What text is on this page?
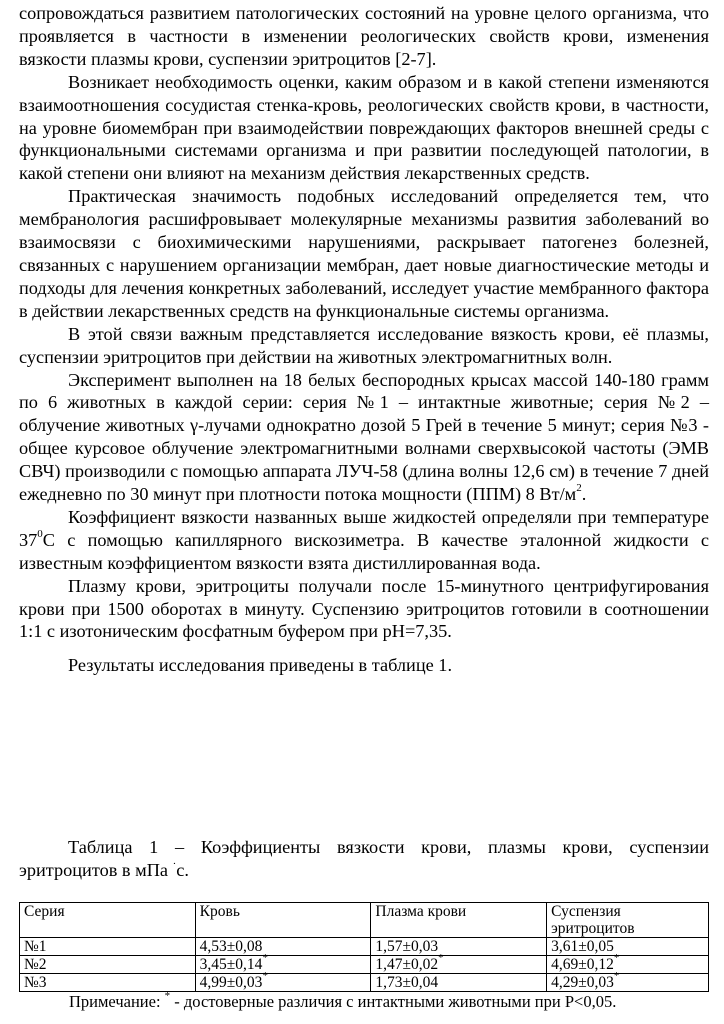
сопровождаться развитием патологических состояний на уровне целого организма, что проявляется в частности в изменении реологических свойств крови, изменения вязкости плазмы крови, суспензии эритроцитов [2-7].

Возникает необходимость оценки, каким образом и в какой степени изменяются взаимоотношения сосудистая стенка-кровь, реологических свойств крови, в частности, на уровне биомембран при взаимодействии повреждающих факторов внешней среды с функциональными системами организма и при развитии последующей патологии, в какой степени они влияют на механизм действия лекарственных средств.

Практическая значимость подобных исследований определяется тем, что мембранология расшифровывает молекулярные механизмы развития заболеваний во взаимосвязи с биохимическими нарушениями, раскрывает патогенез болезней, связанных с нарушением организации мембран, дает новые диагностические методы и подходы для лечения конкретных заболеваний, исследует участие мембранного фактора в действии лекарственных средств на функциональные системы организма.

В этой связи важным представляется исследование вязкость крови, её плазмы, суспензии эритроцитов при действии на животных электромагнитных волн.

Эксперимент выполнен на 18 белых беспородных крысах массой 140-180 грамм по 6 животных в каждой серии: серия №1 – интактные животные; серия №2 – облучение животных γ-лучами однократно дозой 5 Грей в течение 5 минут; серия №3 - общее курсовое облучение электромагнитными волнами сверхвысокой частоты (ЭМВ СВЧ) производили с помощью аппарата ЛУЧ-58 (длина волны 12,6 см) в течение 7 дней ежедневно по 30 минут при плотности потока мощности (ППМ) 8 $Вт/м^2$.

Коэффициент вязкости названных выше жидкостей определяли при температуре $37^0С$ с помощью капиллярного вискозиметра. В качестве эталонной жидкости с известным коэффициентом вязкости взята дистиллированная вода.

Плазму крови, эритроциты получали после 15-минутного центрифугирования крови при 1500 оборотах в минуту. Суспензию эритроцитов готовили в соотношении 1:1 с изотоническим фосфатным буфером при рН=7,35.

Результаты исследования приведены в таблице 1.

Таблица 1 – Коэффициенты вязкости крови, плазмы крови, суспензии эритроцитов в мПа ·с.

Серия	Кровь	Плазма крови	Суспензия эритроцитов
№1	4,53±0,08	1,57±0,03	3,61±0,05
№2	3,45±0,14*	1,47±0,02*	4,69±0,12*
№3	4,99±0,03*	1,73±0,04	4,29±0,03*
Примечание: * - достоверные различия с интактными животными при Р<0,05.
